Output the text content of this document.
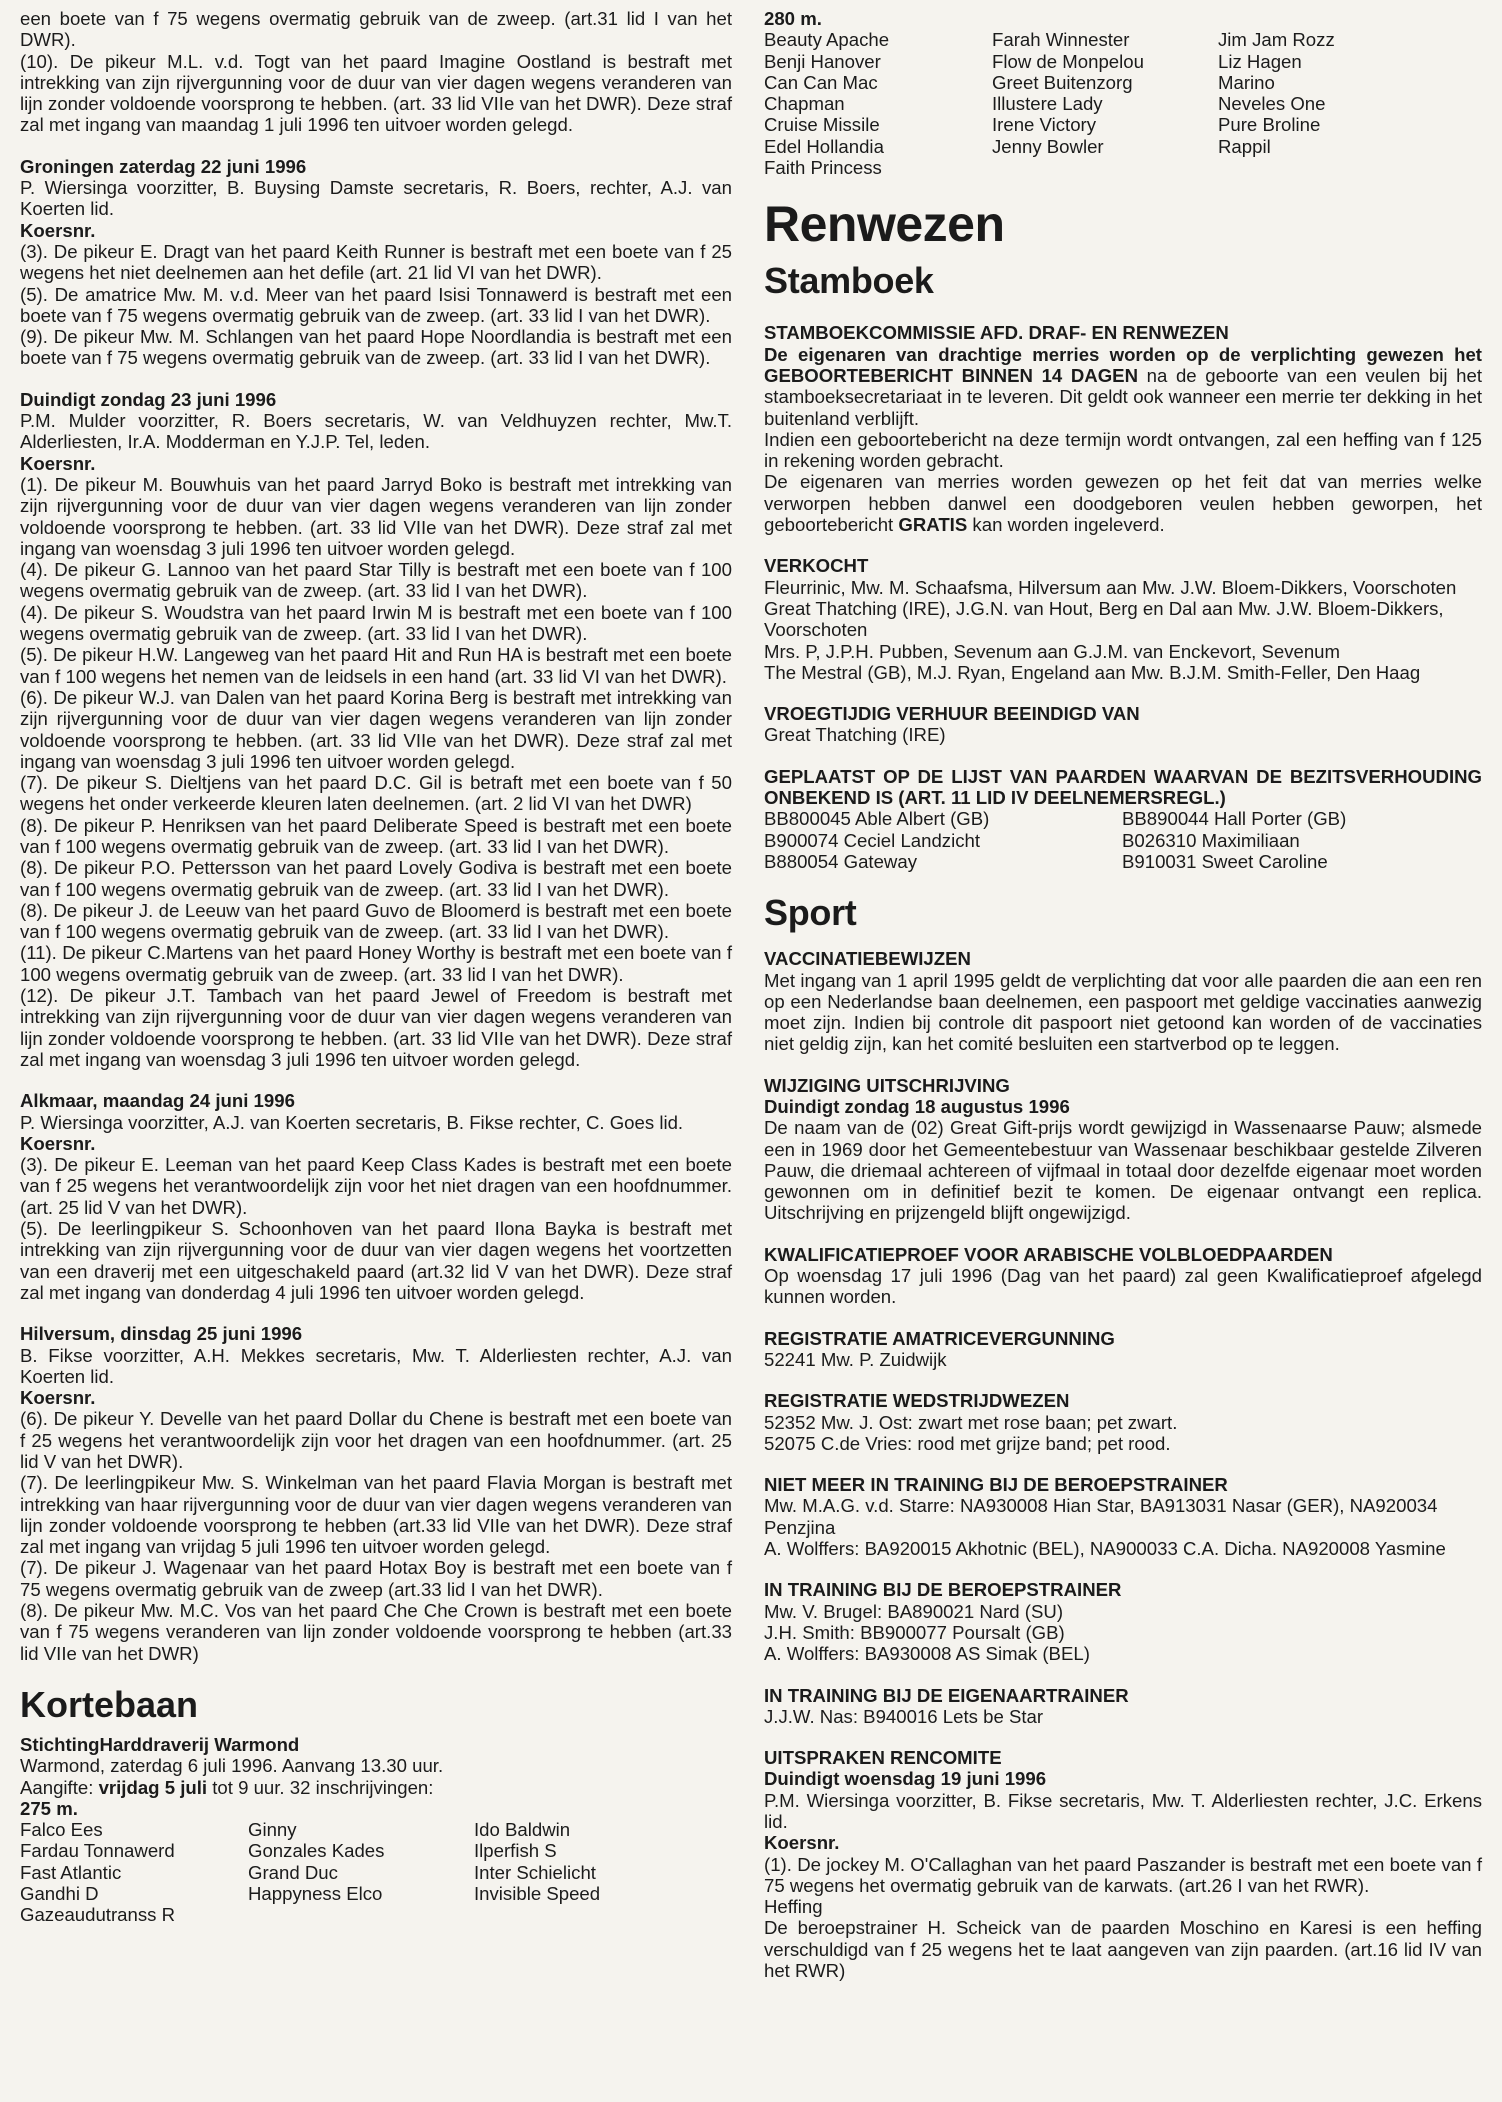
een boete van f 75 wegens overmatig gebruik van de zweep. (art.31 lid I van het DWR).

(10). De pikeur M.L. v.d. Togt van het paard Imagine Oostland is bestraft met intrekking van zijn rijvergunning voor de duur van vier dagen wegens veranderen van lijn zonder voldoende voorsprong te hebben. (art. 33 lid VIIe van het DWR). Deze straf zal met ingang van maandag 1 juli 1996 ten uitvoer worden gelegd.

Groningen zaterdag 22 juni 1996

P. Wiersinga voorzitter, B. Buysing Damste secretaris, R. Boers, rechter, A.J. van Koerten lid.

Koersnr.

(3). De pikeur E. Dragt van het paard Keith Runner is bestraft met een boete van f 25 wegens het niet deelnemen aan het defile (art. 21 lid VI van het DWR).

(5). De amatrice Mw. M. v.d. Meer van het paard Isisi Tonnawerd is bestraft met een boete van f 75 wegens overmatig gebruik van de zweep. (art. 33 lid I van het DWR).

(9). De pikeur Mw. M. Schlangen van het paard Hope Noordlandia is bestraft met een boete van f 75 wegens overmatig gebruik van de zweep. (art. 33 lid I van het DWR).

Duindigt zondag 23 juni 1996

P.M. Mulder voorzitter, R. Boers secretaris, W. van Veldhuyzen rechter, Mw.T. Alderliesten, Ir.A. Modderman en Y.J.P. Tel, leden.

Koersnr.

(1). De pikeur M. Bouwhuis van het paard Jarryd Boko is bestraft met intrekking van zijn rijvergunning voor de duur van vier dagen wegens veranderen van lijn zonder voldoende voorsprong te hebben. (art. 33 lid VIIe van het DWR). Deze straf zal met ingang van woensdag 3 juli 1996 ten uitvoer worden gelegd.

(4). De pikeur G. Lannoo van het paard Star Tilly is bestraft met een boete van f 100 wegens overmatig gebruik van de zweep. (art. 33 lid I van het DWR).

(4). De pikeur S. Woudstra van het paard Irwin M is bestraft met een boete van f 100 wegens overmatig gebruik van de zweep. (art. 33 lid I van het DWR).

(5). De pikeur H.W. Langeweg van het paard Hit and Run HA is bestraft met een boete van f 100 wegens het nemen van de leidsels in een hand (art. 33 lid VI van het DWR).

(6). De pikeur W.J. van Dalen van het paard Korina Berg is bestraft met intrekking van zijn rijvergunning voor de duur van vier dagen wegens veranderen van lijn zonder voldoende voorsprong te hebben. (art. 33 lid VIIe van het DWR). Deze straf zal met ingang van woensdag 3 juli 1996 ten uitvoer worden gelegd.

(7). De pikeur S. Dieltjens van het paard D.C. Gil is betraft met een boete van f 50 wegens het onder verkeerde kleuren laten deelnemen. (art. 2 lid VI van het DWR)

(8). De pikeur P. Henriksen van het paard Deliberate Speed is bestraft met een boete van f 100 wegens overmatig gebruik van de zweep. (art. 33 lid I van het DWR).

(8). De pikeur P.O. Pettersson van het paard Lovely Godiva is bestraft met een boete van f 100 wegens overmatig gebruik van de zweep. (art. 33 lid I van het DWR).

(8). De pikeur J. de Leeuw van het paard Guvo de Bloomerd is bestraft met een boete van f 100 wegens overmatig gebruik van de zweep. (art. 33 lid I van het DWR).

(11). De pikeur C.Martens van het paard Honey Worthy is bestraft met een boete van f 100 wegens overmatig gebruik van de zweep. (art. 33 lid I van het DWR).

(12). De pikeur J.T. Tambach van het paard Jewel of Freedom is bestraft met intrekking van zijn rijvergunning voor de duur van vier dagen wegens veranderen van lijn zonder voldoende voorsprong te hebben. (art. 33 lid VIIe van het DWR). Deze straf zal met ingang van woensdag 3 juli 1996 ten uitvoer worden gelegd.

Alkmaar, maandag 24 juni 1996

P. Wiersinga voorzitter, A.J. van Koerten secretaris, B. Fikse rechter, C. Goes lid.

Koersnr.

(3). De pikeur E. Leeman van het paard Keep Class Kades is bestraft met een boete van f 25 wegens het verantwoordelijk zijn voor het niet dragen van een hoofdnummer. (art. 25 lid V van het DWR).

(5). De leerlingpikeur S. Schoonhoven van het paard Ilona Bayka is bestraft met intrekking van zijn rijvergunning voor de duur van vier dagen wegens het voortzetten van een draverij met een uitgeschakeld paard (art.32 lid V van het DWR). Deze straf zal met ingang van donderdag 4 juli 1996 ten uitvoer worden gelegd.

Hilversum, dinsdag 25 juni 1996

B. Fikse voorzitter, A.H. Mekkes secretaris, Mw. T. Alderliesten rechter, A.J. van Koerten lid.

Koersnr.

(6). De pikeur Y. Develle van het paard Dollar du Chene is bestraft met een boete van f 25 wegens het verantwoordelijk zijn voor het dragen van een hoofdnummer. (art. 25 lid V van het DWR).

(7). De leerlingpikeur Mw. S. Winkelman van het paard Flavia Morgan is bestraft met intrekking van haar rijvergunning voor de duur van vier dagen wegens veranderen van lijn zonder voldoende voorsprong te hebben (art.33 lid VIIe van het DWR). Deze straf zal met ingang van vrijdag 5 juli 1996 ten uitvoer worden gelegd.

(7). De pikeur J. Wagenaar van het paard Hotax Boy is bestraft met een boete van f 75 wegens overmatig gebruik van de zweep (art.33 lid I van het DWR).

(8). De pikeur Mw. M.C. Vos van het paard Che Che Crown is bestraft met een boete van f 75 wegens veranderen van lijn zonder voldoende voorsprong te hebben (art.33 lid VIIe van het DWR)

Kortebaan

StichtingHarddraverij Warmond

Warmond, zaterdag 6 juli 1996. Aanvang 13.30 uur.

Aangifte: vrijdag 5 juli tot 9 uur. 32 inschrijvingen:

275 m.

Falco Ees	Ginny	Ido Baldwin
Fardau Tonnawerd	Gonzales Kades	Ilperfish S
Fast Atlantic	Grand Duc	Inter Schielicht
Gandhi D	Happyness Elco	Invisible Speed
Gazeaudutranss R

280 m.

Beauty Apache	Farah Winnester	Jim Jam Rozz
Benji Hanover	Flow de Monpelou	Liz Hagen
Can Can Mac	Greet Buitenzorg	Marino
Chapman	Illustere Lady	Neveles One
Cruise Missile	Irene Victory	Pure Broline
Edel Hollandia	Jenny Bowler	Rappil
Faith Princess

Renwezen

Stamboek

STAMBOEKCOMMISSIE AFD. DRAF- EN RENWEZEN

De eigenaren van drachtige merries worden op de verplichting gewezen het GEBOORTEBERICHT BINNEN 14 DAGEN na de geboorte van een veulen bij het stamboeksecretariaat in te leveren. Dit geldt ook wanneer een merrie ter dekking in het buitenland verblijft.

Indien een geboortebericht na deze termijn wordt ontvangen, zal een heffing van f 125 in rekening worden gebracht.

De eigenaren van merries worden gewezen op het feit dat van merries welke verworpen hebben danwel een doodgeboren veulen hebben geworpen, het geboortebericht GRATIS kan worden ingeleverd.

VERKOCHT

Fleurrinic, Mw. M. Schaafsma, Hilversum aan Mw. J.W. Bloem-Dikkers, Voorschoten

Great Thatching (IRE), J.G.N. van Hout, Berg en Dal aan Mw. J.W. Bloem-Dikkers, Voorschoten

Mrs. P, J.P.H. Pubben, Sevenum aan G.J.M. van Enckevort, Sevenum

The Mestral (GB), M.J. Ryan, Engeland aan Mw. B.J.M. Smith-Feller, Den Haag

VROEGTIJDIG VERHUUR BEEINDIGD VAN

Great Thatching (IRE)

GEPLAATST OP DE LIJST VAN PAARDEN WAARVAN DE BEZITSVERHOUDING ONBEKEND IS (ART. 11 LID IV DEELNEMERSREGL.)

BB800045 Able Albert (GB)	BB890044 Hall Porter (GB)
B900074 Ceciel Landzicht	B026310 Maximiliaan
B880054 Gateway	B910031 Sweet Caroline

Sport

VACCINATIEBEWIJZEN

Met ingang van 1 april 1995 geldt de verplichting dat voor alle paarden die aan een ren op een Nederlandse baan deelnemen, een paspoort met geldige vaccinaties aanwezig moet zijn. Indien bij controle dit paspoort niet getoond kan worden of de vaccinaties niet geldig zijn, kan het comité besluiten een startverbod op te leggen.

WIJZIGING UITSCHRIJVING

Duindigt zondag 18 augustus 1996

De naam van de (02) Great Gift-prijs wordt gewijzigd in Wassenaarse Pauw; alsmede een in 1969 door het Gemeentebestuur van Wassenaar beschikbaar gestelde Zilveren Pauw, die driemaal achtereen of vijfmaal in totaal door dezelfde eigenaar moet worden gewonnen om in definitief bezit te komen. De eigenaar ontvangt een replica. Uitschrijving en prijzengeld blijft ongewijzigd.

KWALIFICATIEPROEF VOOR ARABISCHE VOLBLOEDPAARDEN

Op woensdag 17 juli 1996 (Dag van het paard) zal geen Kwalificatieproef afgelegd kunnen worden.

REGISTRATIE AMATRICEVERGUNNING

52241 Mw. P. Zuidwijk

REGISTRATIE WEDSTRIJDWEZEN

52352 Mw. J. Ost: zwart met rose baan; pet zwart.

52075 C.de Vries: rood met grijze band; pet rood.

NIET MEER IN TRAINING BIJ DE BEROEPSTRAINER

Mw. M.A.G. v.d. Starre: NA930008 Hian Star, BA913031 Nasar (GER), NA920034 Penzjina

A. Wolffers: BA920015 Akhotnic (BEL), NA900033 C.A. Dicha. NA920008 Yasmine

IN TRAINING BIJ DE BEROEPSTRAINER

Mw. V. Brugel: BA890021 Nard (SU)

J.H. Smith: BB900077 Poursalt (GB)

A. Wolffers: BA930008 AS Simak (BEL)

IN TRAINING BIJ DE EIGENAARTRAINER

J.J.W. Nas: B940016 Lets be Star

UITSPRAKEN RENCOMITE

Duindigt woensdag 19 juni 1996

P.M. Wiersinga voorzitter, B. Fikse secretaris, Mw. T. Alderliesten rechter, J.C. Erkens lid.

Koersnr.

(1). De jockey M. O'Callaghan van het paard Paszander is bestraft met een boete van f 75 wegens het overmatig gebruik van de karwats. (art.26 I van het RWR).

Heffing

De beroepstrainer H. Scheick van de paarden Moschino en Karesi is een heffing verschuldigd van f 25 wegens het te laat aangeven van zijn paarden. (art.16 lid IV van het RWR)
